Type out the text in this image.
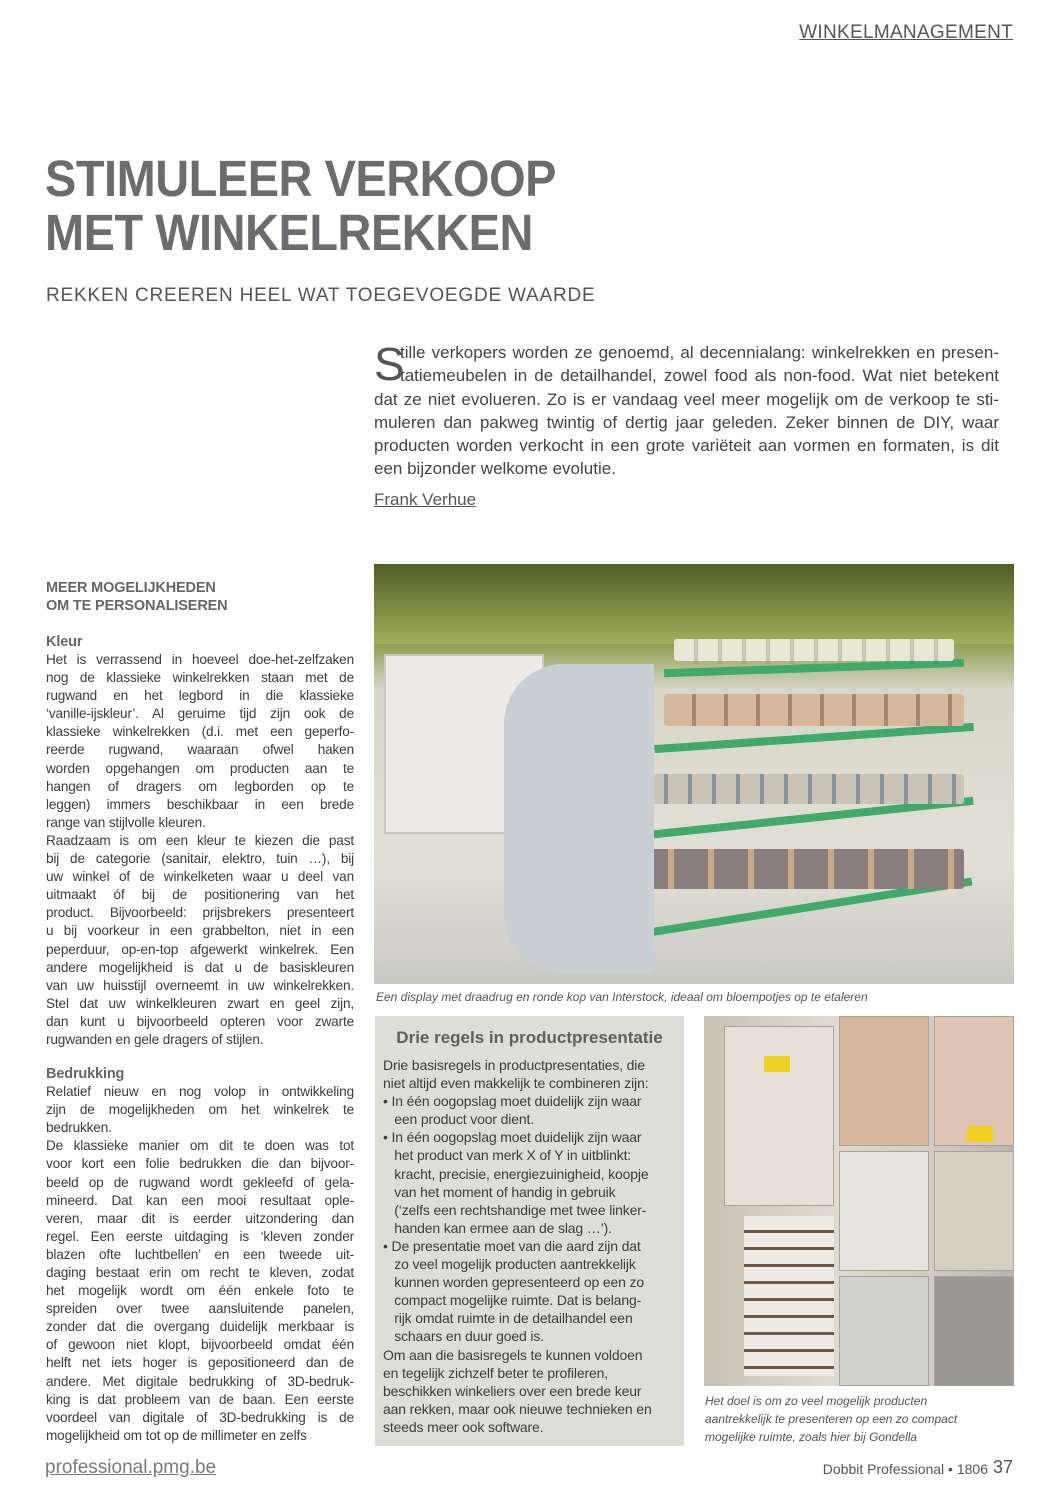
WINKELMANAGEMENT
STIMULEER VERKOOP
MET WINKELREKKEN
REKKEN CREEREN HEEL WAT TOEGEVOEGDE WAARDE
S
tille verkopers worden ze genoemd, al decennialang: winkelrekken en presen-
tatiemeubelen in de detailhandel, zowel food als non-food. Wat niet betekent
dat ze niet evolueren. Zo is er vandaag veel meer mogelijk om de verkoop te sti-
muleren dan pakweg twintig of dertig jaar geleden. Zeker binnen de DIY, waar
producten worden verkocht in een grote variëteit aan vormen en formaten, is dit
een bijzonder welkome evolutie.
Frank Verhue
MEER MOGELIJKHEDEN
OM TE PERSONALISEREN
Kleur
Het is verrassend in hoeveel doe-het-zelfzaken
nog de klassieke winkelrekken staan met de
rugwand en het legbord in die klassieke
‘vanille-ijskleur’. Al geruime tijd zijn ook de
klassieke winkelrekken (d.i. met een geperfo-
reerde rugwand, waaraan ofwel haken
worden opgehangen om producten aan te
hangen of dragers om legborden op te
leggen) immers beschikbaar in een brede
range van stijlvolle kleuren.
Raadzaam is om een kleur te kiezen die past
bij de categorie (sanitair, elektro, tuin …), bij
uw winkel of de winkelketen waar u deel van
uitmaakt óf bij de positionering van het
product. Bijvoorbeeld: prijsbrekers presenteert
u bij voorkeur in een grabbelton, niet in een
peperduur, op-en-top afgewerkt winkelrek. Een
andere mogelijkheid is dat u de basiskleuren
van uw huisstijl overneemt in uw winkelrekken.
Stel dat uw winkelkleuren zwart en geel zijn,
dan kunt u bijvoorbeeld opteren voor zwarte
rugwanden en gele dragers of stijlen.
Bedrukking
Relatief nieuw en nog volop in ontwikkeling
zijn de mogelijkheden om het winkelrek te
bedrukken.
De klassieke manier om dit te doen was tot
voor kort een folie bedrukken die dan bijvoor-
beeld op de rugwand wordt gekleefd of gela-
mineerd. Dat kan een mooi resultaat ople-
veren, maar dit is eerder uitzondering dan
regel. Een eerste uitdaging is ‘kleven zonder
blazen ofte luchtbellen’ en een tweede uit-
daging bestaat erin om recht te kleven, zodat
het mogelijk wordt om één enkele foto te
spreiden over twee aansluitende panelen,
zonder dat die overgang duidelijk merkbaar is
of gewoon niet klopt, bijvoorbeeld omdat één
helft net iets hoger is gepositioneerd dan de
andere. Met digitale bedrukking of 3D-bedruk-
king is dat probleem van de baan. Een eerste
voordeel van digitale of 3D-bedrukking is de
mogelijkheid om tot op de millimeter en zelfs
Een display met draadrug en ronde kop van Interstock, ideaal om bloempotjes op te etaleren
Drie regels in productpresentatie
Drie basisregels in productpresentaties, die
niet altijd even makkelijk te combineren zijn:
• In één oogopslag moet duidelijk zijn waar
een product voor dient.
• In één oogopslag moet duidelijk zijn waar
het product van merk X of Y in uitblinkt:
kracht, precisie, energiezuinigheid, koopje
van het moment of handig in gebruik
(‘zelfs een rechtshandige met twee linker-
handen kan ermee aan de slag …’).
• De presentatie moet van die aard zijn dat
zo veel mogelijk producten aantrekkelijk
kunnen worden gepresenteerd op een zo
compact mogelijke ruimte. Dat is belang-
rijk omdat ruimte in de detailhandel een
schaars en duur goed is.
Om aan die basisregels te kunnen voldoen
en tegelijk zichzelf beter te profileren,
beschikken winkeliers over een brede keur
aan rekken, maar ook nieuwe technieken en
steeds meer ook software.
Het doel is om zo veel mogelijk producten
aantrekkelijk te presenteren op een zo compact
mogelijke ruimte, zoals hier bij Gondella
professional.pmg.be	Dobbit Professional • 1806 37
